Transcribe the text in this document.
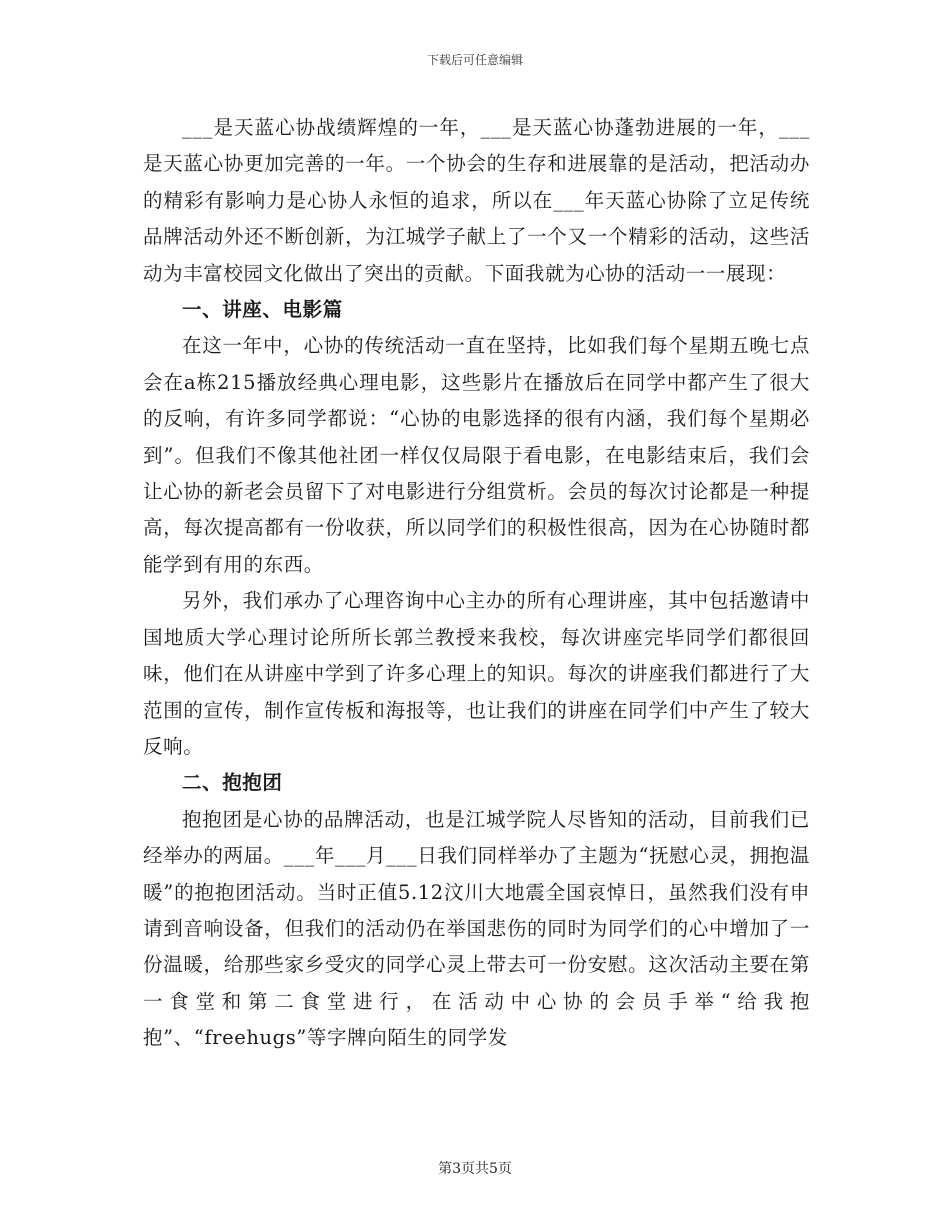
下载后可任意编辑

___是天蓝心协战绩辉煌的一年，___是天蓝心协蓬勃进展的一年，___是天蓝心协更加完善的一年。一个协会的生存和进展靠的是活动，把活动办的精彩有影响力是心协人永恒的追求，所以在___年天蓝心协除了立足传统品牌活动外还不断创新，为江城学子献上了一个又一个精彩的活动，这些活动为丰富校园文化做出了突出的贡献。下面我就为心协的活动一一展现：

一、讲座、电影篇

在这一年中，心协的传统活动一直在坚持，比如我们每个星期五晚七点会在a栋215播放经典心理电影，这些影片在播放后在同学中都产生了很大的反响，有许多同学都说：“心协的电影选择的很有内涵，我们每个星期必到”。但我们不像其他社团一样仅仅局限于看电影，在电影结束后，我们会让心协的新老会员留下了对电影进行分组赏析。会员的每次讨论都是一种提高，每次提高都有一份收获，所以同学们的积极性很高，因为在心协随时都能学到有用的东西。

另外，我们承办了心理咨询中心主办的所有心理讲座，其中包括邀请中国地质大学心理讨论所所长郭兰教授来我校，每次讲座完毕同学们都很回味，他们在从讲座中学到了许多心理上的知识。每次的讲座我们都进行了大范围的宣传，制作宣传板和海报等，也让我们的讲座在同学们中产生了较大反响。

二、抱抱团

抱抱团是心协的品牌活动，也是江城学院人尽皆知的活动，目前我们已经举办的两届。___年___月___日我们同样举办了主题为“抚慰心灵，拥抱温暖”的抱抱团活动。当时正值5.12汶川大地震全国哀悼日，虽然我们没有申请到音响设备，但我们的活动仍在举国悲伤的同时为同学们的心中增加了一份温暖，给那些家乡受灾的同学心灵上带去可一份安慰。这次活动主要在第一食堂和第二食堂进行，在活动中心协的会员手举“给我抱抱”、“freehugs”等字牌向陌生的同学发

第3页共5页
